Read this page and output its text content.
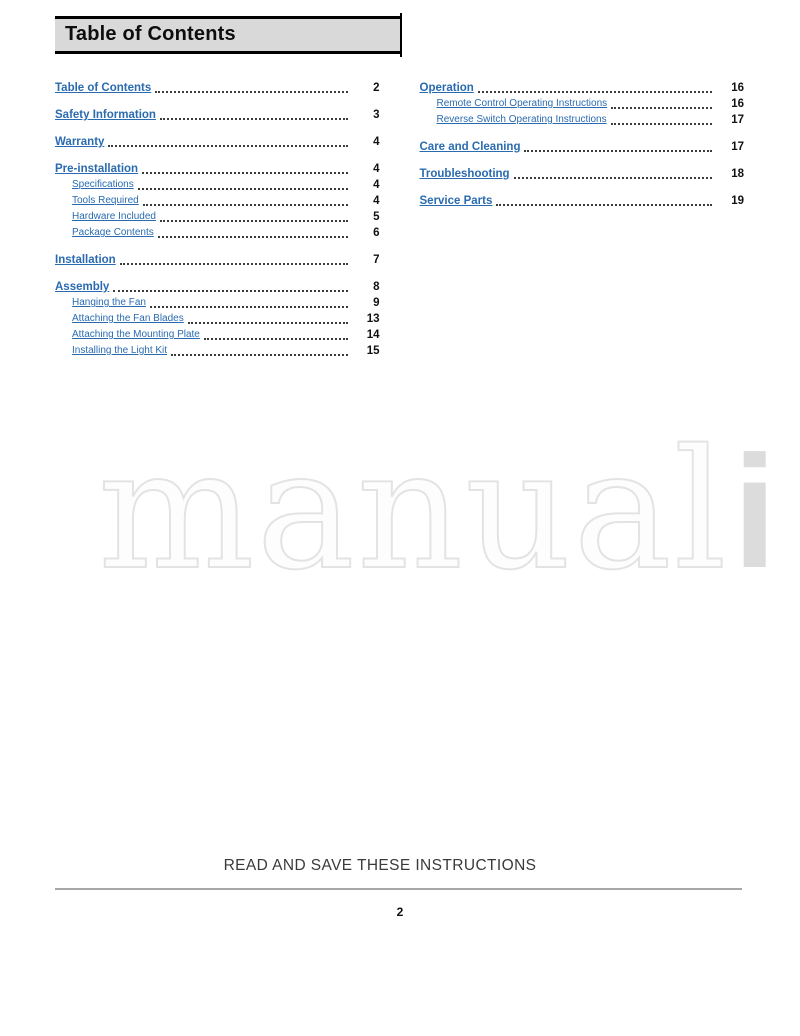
Table of Contents
Table of Contents	2
Safety Information	3
Warranty	4
Pre-installation	4
Specifications	4
Tools Required	4
Hardware Included	5
Package Contents	6
Installation	7
Assembly	8
Hanging the Fan	9
Attaching the Fan Blades	13
Attaching the Mounting Plate	14
Installing the Light Kit	15
Operation	16
Remote Control Operating Instructions	16
Reverse Switch Operating Instructions	17
Care and Cleaning	17
Troubleshooting	18
Service Parts	19
manuali
READ AND SAVE THESE INSTRUCTIONS
2
